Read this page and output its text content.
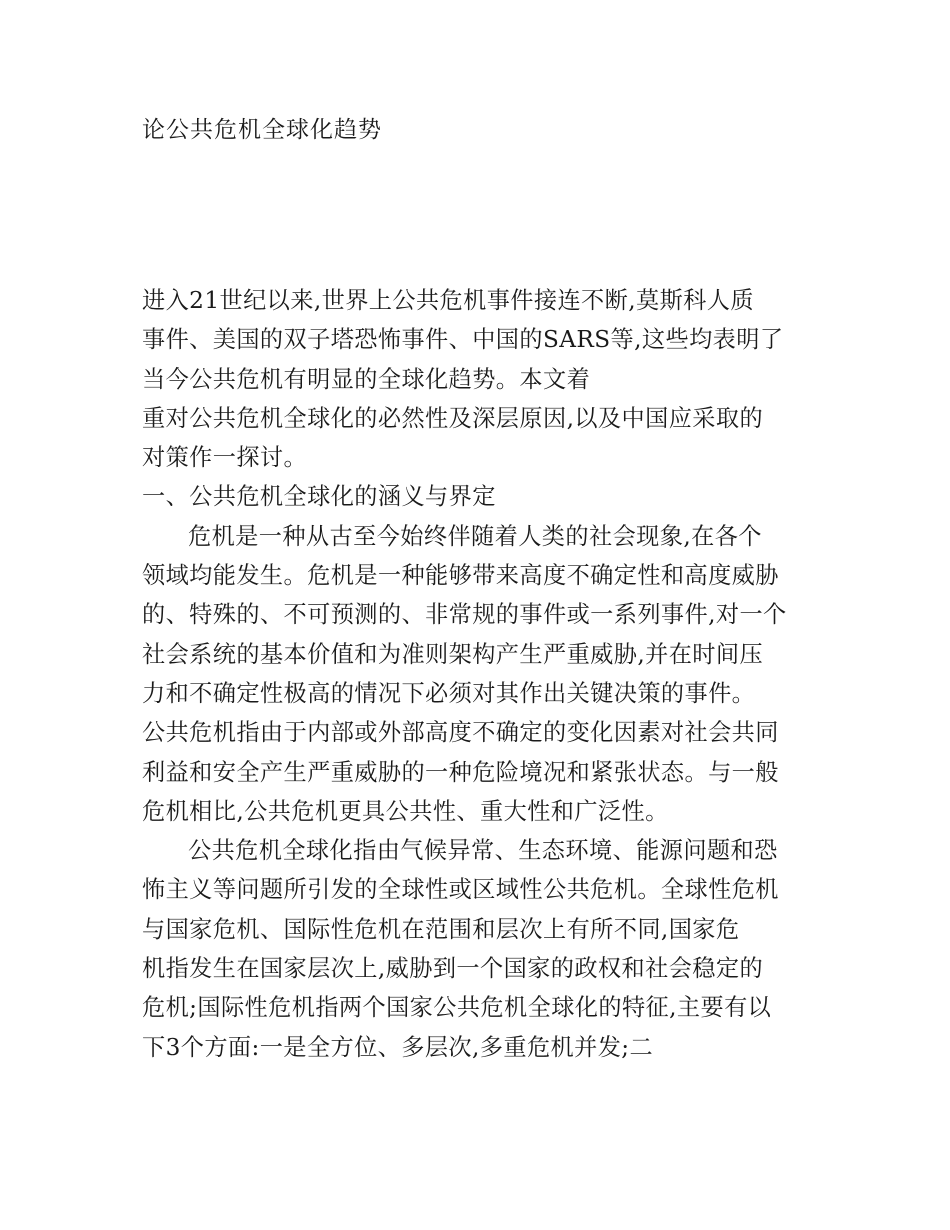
论公共危机全球化趋势
进入21世纪以来,世界上公共危机事件接连不断,莫斯科人质
事件、美国的双子塔恐怖事件、中国的SARS等,这些均表明了
当今公共危机有明显的全球化趋势。本文着
重对公共危机全球化的必然性及深层原因,以及中国应采取的
对策作一探讨。
一、公共危机全球化的涵义与界定
危机是一种从古至今始终伴随着人类的社会现象,在各个
领域均能发生。危机是一种能够带来高度不确定性和高度威胁
的、特殊的、不可预测的、非常规的事件或一系列事件,对一个
社会系统的基本价值和为准则架构产生严重威胁,并在时间压
力和不确定性极高的情况下必须对其作出关键决策的事件。
公共危机指由于内部或外部高度不确定的变化因素对社会共同
利益和安全产生严重威胁的一种危险境况和紧张状态。与一般
危机相比,公共危机更具公共性、重大性和广泛性。
公共危机全球化指由气候异常、生态环境、能源问题和恐
怖主义等问题所引发的全球性或区域性公共危机。全球性危机
与国家危机、国际性危机在范围和层次上有所不同,国家危
机指发生在国家层次上,威胁到一个国家的政权和社会稳定的
危机;国际性危机指两个国家公共危机全球化的特征,主要有以
下3个方面:一是全方位、多层次,多重危机并发;二
